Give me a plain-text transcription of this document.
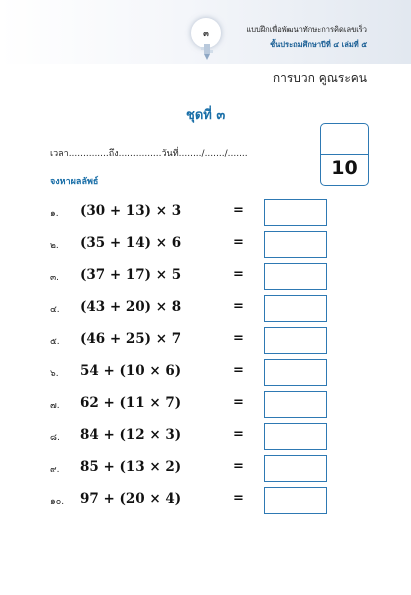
๓	แบบฝึกเพื่อพัฒนาทักษะการคิดเลขเร็ว
ชั้นประถมศึกษาปีที่ ๔ เล่มที่ ๕
การบวก คูณระคน
ชุดที่ ๓
เวลา..............ถึง...............วันที่......../......./.......
จงหาผลลัพธ์
10
๑.	(30 + 13) × 3	=
๒.	(35 + 14) × 6	=
๓.	(37 + 17) × 5	=
๔.	(43 + 20) × 8	=
๕.	(46 + 25) × 7	=
๖.	54 + (10 × 6)	=
๗.	62 + (11 × 7)	=
๘.	84 + (12 × 3)	=
๙.	85 + (13 × 2)	=
๑๐.	97 + (20 × 4)	=
